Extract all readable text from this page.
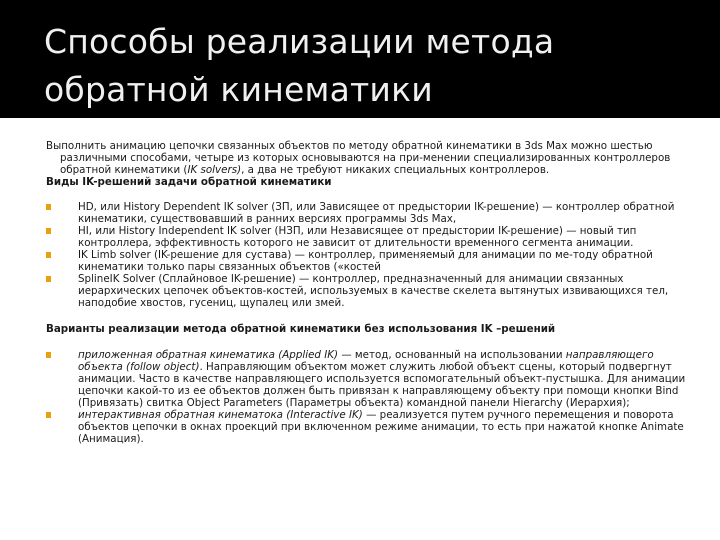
Способы реализации метода
обратной кинематики

Выполнить анимацию цепочки связанных объектов по методу обратной кинематики в 3ds Max можно шестью различными способами, четыре из которых основываются на при-менении специализированных контроллеров обратной кинематики (IK solvers), а два не требуют никаких специальных контроллеров.

Виды IK-решений задачи обратной кинематики

HD, или History Dependent IK solver (ЗП, или Зависящее от предыстории IK-решение) — контроллер обратной кинематики, существовавший в ранних версиях программы 3ds Max,
HI, или History Independent IK solver (НЗП, или Независящее от предыстории IK-решение) — новый тип контроллера, эффективность которого не зависит от длительности временного сегмента анимации.
IK Limb solver (IK-решение для сустава) — контроллер, применяемый для анимации по ме-тоду обратной кинематики только пары связанных объектов («костей
SplineIK Solver (Сплайновое IK-решение) — контроллер, предназначенный для анимации связанных иерархических цепочек объектов-костей, используемых в качестве скелета вытянутых извивающихся тел, наподобие хвостов, гусениц, щупалец или змей.

Варианты реализации метода обратной кинематики без использования IK –решений

приложенная обратная кинематика (Applied IK) — метод, основанный на использовании направляющего объекта (follow object). Направляющим объектом может служить любой объект сцены, который подвергнут анимации. Часто в качестве направляющего используется вспомогательный объект-пустышка. Для анимации цепочки какой-то из ее объектов должен быть привязан к направляющему объекту при помощи кнопки Bind (Привязать) свитка Object Parameters (Параметры объекта) командной панели Hierarchy (Иерархия);
интерактивная обратная кинематока (Interactive IK) — реализуется путем ручного перемещения и поворота объектов цепочки в окнах проекций при включенном режиме анимации, то есть при нажатой кнопке Animate (Анимация).
